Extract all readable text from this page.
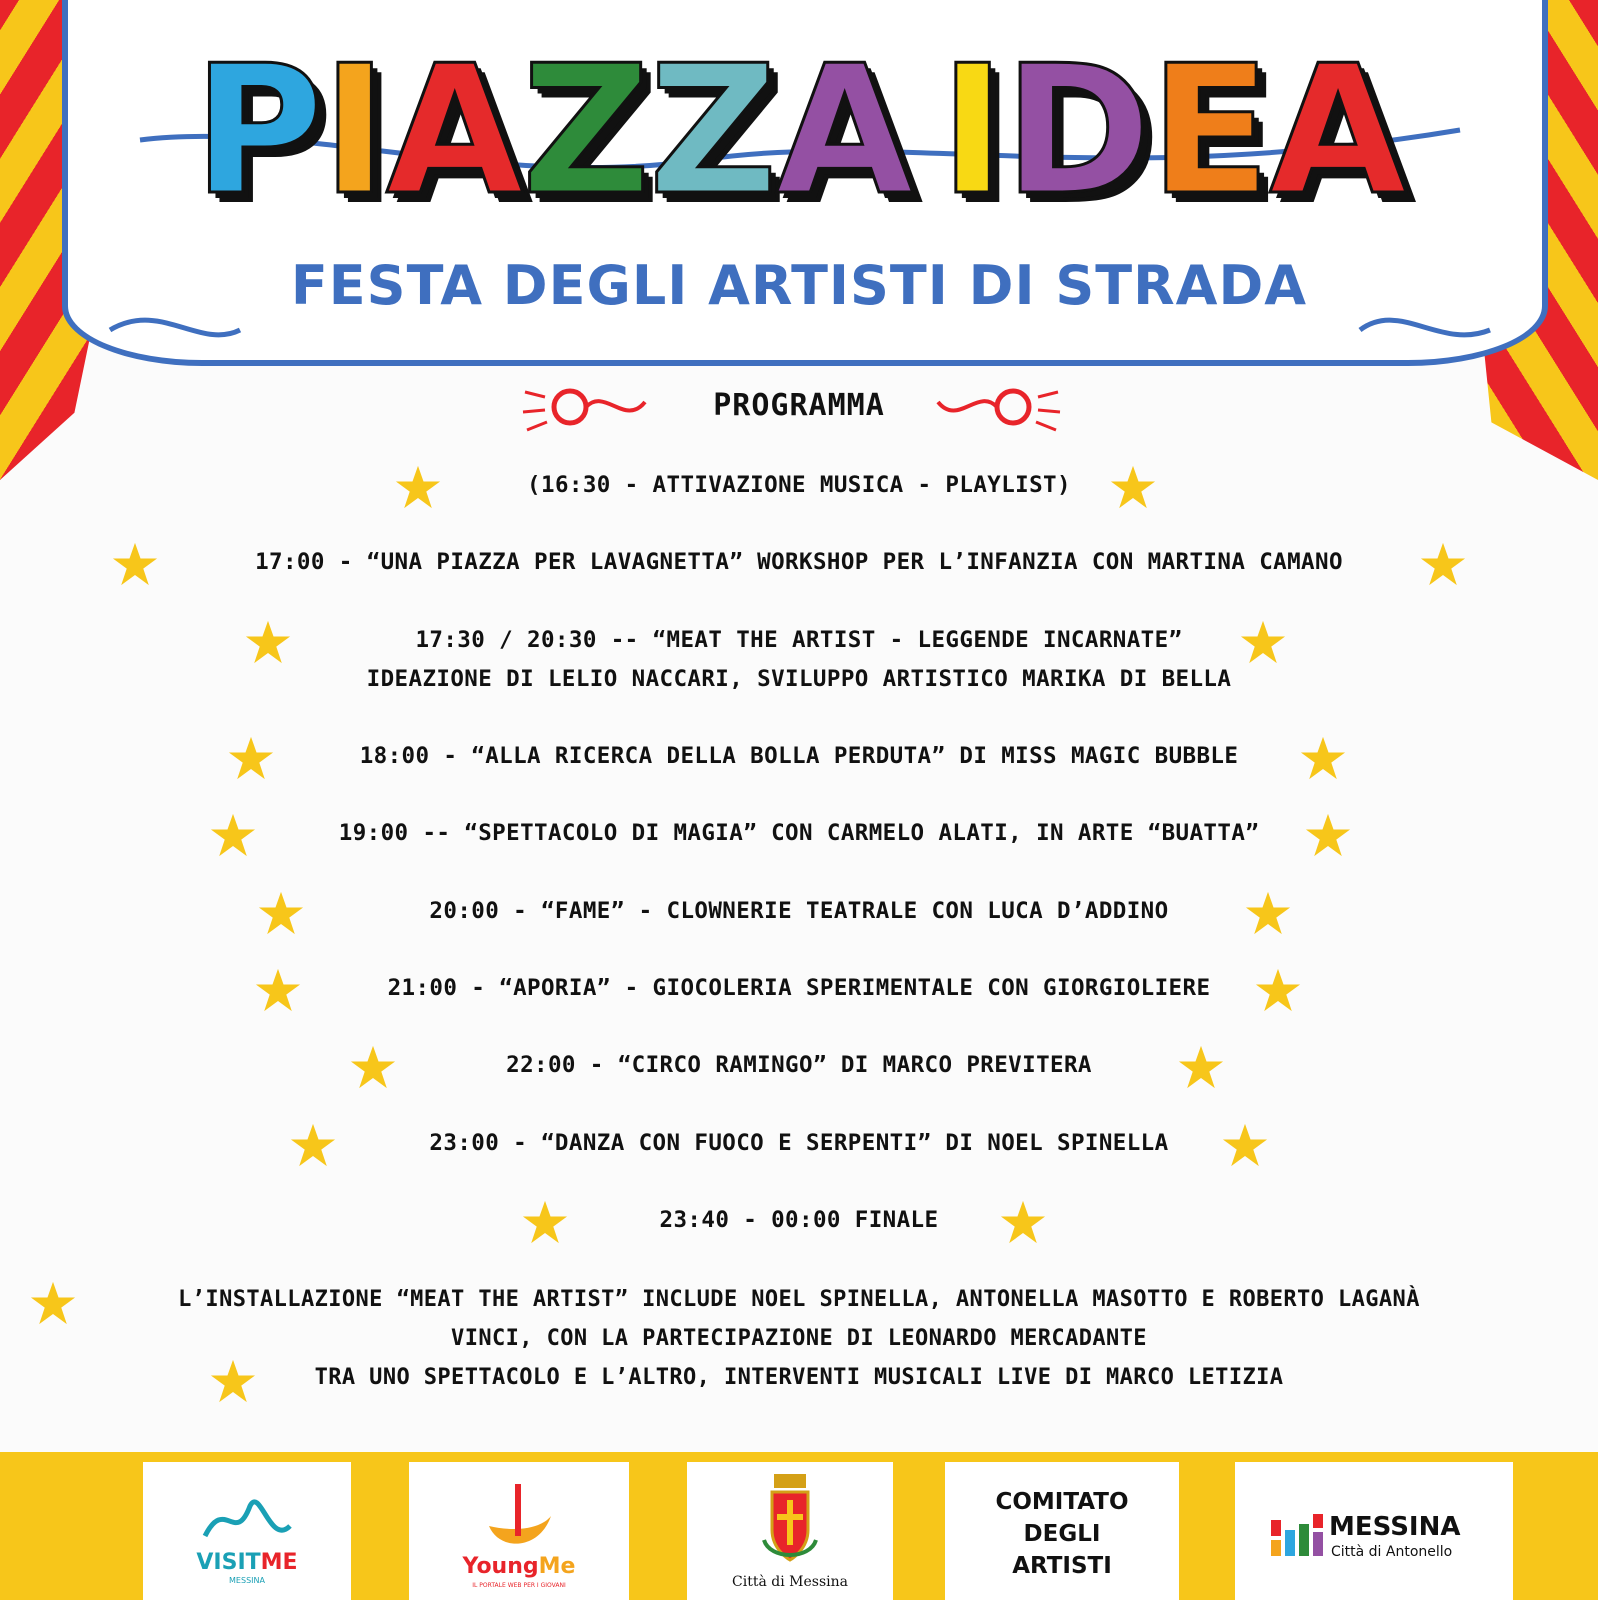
PIAZZA IDEA
FESTA DEGLI ARTISTI DI STRADA
PROGRAMMA
(16:30 - ATTIVAZIONE MUSICA - PLAYLIST)
17:00 - “UNA PIAZZA PER LAVAGNETTA” WORKSHOP PER L’INFANZIA CON MARTINA CAMANO
17:30 / 20:30 -- “MEAT THE ARTIST - LEGGENDE INCARNATE”
IDEAZIONE DI LELIO NACCARI, SVILUPPO ARTISTICO MARIKA DI BELLA
18:00 - “ALLA RICERCA DELLA BOLLA PERDUTA” DI MISS MAGIC BUBBLE
19:00 -- “SPETTACOLO DI MAGIA” CON CARMELO ALATI, IN ARTE “BUATTA”
20:00 - “FAME” - CLOWNERIE TEATRALE CON LUCA D’ADDINO
21:00 - “APORIA” - GIOCOLERIA SPERIMENTALE CON GIORGIOLIERE
22:00 - “CIRCO RAMINGO” DI MARCO PREVITERA
23:00 - “DANZA CON FUOCO E SERPENTI” DI NOEL SPINELLA
23:40 - 00:00 FINALE
L’INSTALLAZIONE “MEAT THE ARTIST” INCLUDE NOEL SPINELLA, ANTONELLA MASOTTO E ROBERTO LAGANÀ
VINCI, CON LA PARTECIPAZIONE DI LEONARDO MERCADANTE
TRA UNO SPETTACOLO E L’ALTRO, INTERVENTI MUSICALI LIVE DI MARCO LETIZIA
VISITME
MESSINA
YoungMe
IL PORTALE WEB PER I GIOVANI	Città di Messina
COMITATO
DEGLI
ARTISTI
MESSINA
Città di Antonello
